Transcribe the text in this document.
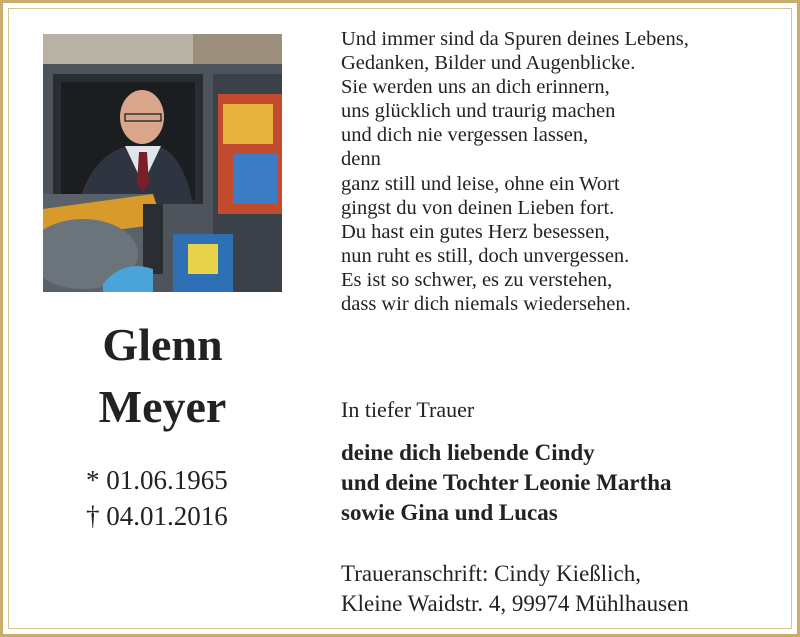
Glenn
Meyer
* 01.06.1965
† 04.01.2016
Und immer sind da Spuren deines Lebens,
Gedanken, Bilder und Augenblicke.
Sie werden uns an dich erinnern,
uns glücklich und traurig machen
und dich nie vergessen lassen,
denn
ganz still und leise, ohne ein Wort
gingst du von deinen Lieben fort.
Du hast ein gutes Herz besessen,
nun ruht es still, doch unvergessen.
Es ist so schwer, es zu verstehen,
dass wir dich niemals wiedersehen.
In tiefer Trauer
deine dich liebende Cindy
und deine Tochter Leonie Martha
sowie Gina und Lucas
Traueranschrift: Cindy Kießlich,
Kleine Waidstr. 4, 99974 Mühlhausen
